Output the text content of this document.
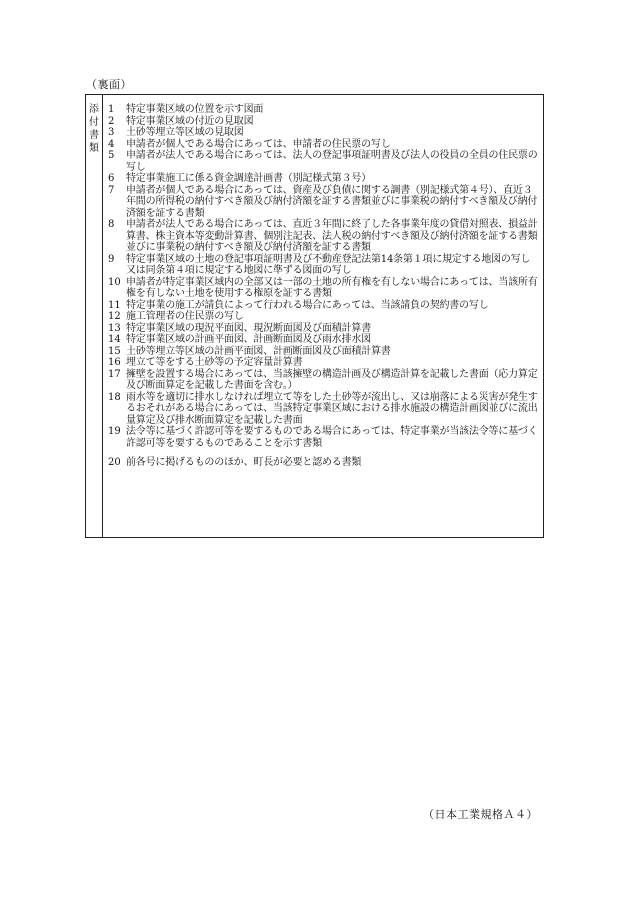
（裏面）
添
付
書
類
1	特定事業区域の位置を示す図面
2	特定事業区域の付近の見取図
3	土砂等埋立等区域の見取図
4	申請者が個人である場合にあっては、申請者の住民票の写し
5	申請者が法人である場合にあっては、法人の登記事項証明書及び法人の役員の全員の住民票の写し
6	特定事業施工に係る資金調達計画書（別記様式第３号）
7	申請者が個人である場合にあっては、資産及び負債に関する調書（別記様式第４号）、直近３年間の所得税の納付すべき額及び納付済額を証する書類並びに事業税の納付すべき額及び納付済額を証する書類
8	申請者が法人である場合にあっては、直近３年間に終了した各事業年度の貸借対照表、損益計算書、株主資本等変動計算書、個別注記表、法人税の納付すべき額及び納付済額を証する書類並びに事業税の納付すべき額及び納付済額を証する書類
9	特定事業区域の土地の登記事項証明書及び不動産登記法第14条第１項に規定する地図の写し又は同条第４項に規定する地図に準ずる図面の写し
10 申請者が特定事業区域内の全部又は一部の土地の所有権を有しない場合にあっては、当該所有権を有しない土地を使用する権原を証する書類
11 特定事業の施工が請負によって行われる場合にあっては、当該請負の契約書の写し
12 施工管理者の住民票の写し
13 特定事業区域の現況平面図、現況断面図及び面積計算書
14 特定事業区域の計画平面図、計画断面図及び雨水排水図
15 土砂等埋立等区域の計画平面図、計画断面図及び面積計算書
16 埋立て等をする土砂等の予定容量計算書
17 擁壁を設置する場合にあっては、当該擁壁の構造計画及び構造計算を記載した書面（応力算定及び断面算定を記載した書面を含む。）
18 雨水等を適切に排水しなければ埋立て等をした土砂等が流出し、又は崩落による災害が発生するおそれがある場合にあっては、当該特定事業区域における排水施設の構造計画図並びに流出量算定及び排水断面算定を記載した書面
19 法令等に基づく許認可等を要するものである場合にあっては、特定事業が当該法令等に基づく許認可等を要するものであることを示す書類
20 前各号に掲げるもののほか、町長が必要と認める書類
（日本工業規格Ａ４）
